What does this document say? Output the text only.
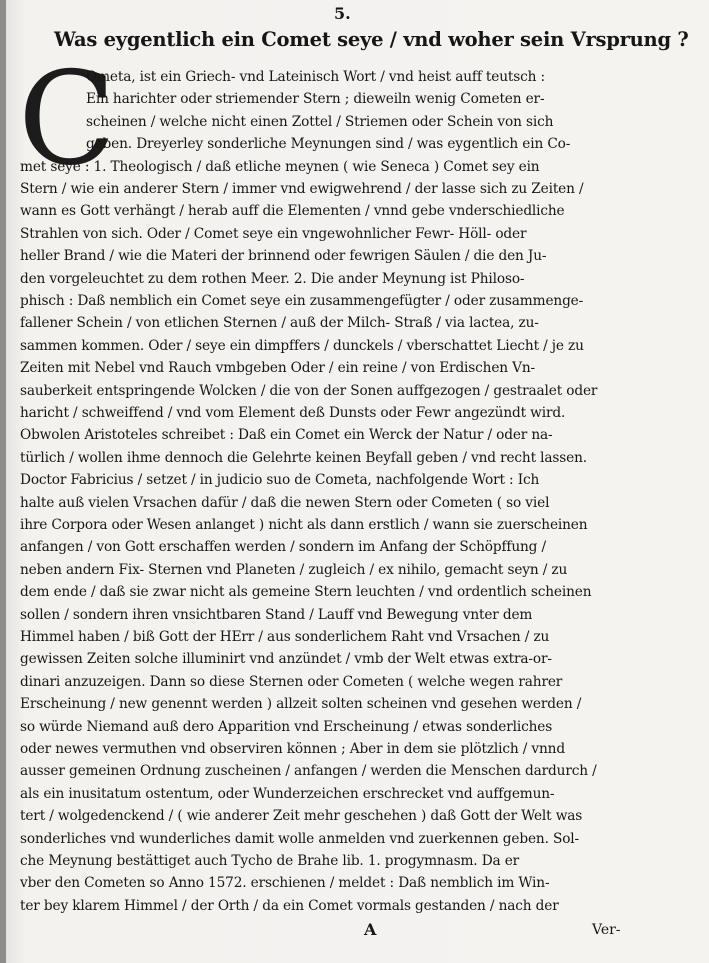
5.
Was eygentlich ein Comet seye / vnd woher sein Vrsprung ?
C
Ometa, ist ein Griech- vnd Lateinisch Wort / vnd heist auff teutsch :
Ein harichter oder striemender Stern ; dieweiln wenig Cometen er-
scheinen / welche nicht einen Zottel / Striemen oder Schein von sich
geben. Dreyerley sonderliche Meynungen sind / was eygentlich ein Co-
met seye : 1. Theologisch / daß etliche meynen ( wie Seneca ) Comet sey ein
Stern / wie ein anderer Stern / immer vnd ewigwehrend / der lasse sich zu Zeiten /
wann es Gott verhängt / herab auff die Elementen / vnnd gebe vnderschiedliche
Strahlen von sich. Oder / Comet seye ein vngewohnlicher Fewr- Höll- oder
heller Brand / wie die Materi der brinnend oder fewrigen Säulen / die den Ju-
den vorgeleuchtet zu dem rothen Meer. 2. Die ander Meynung ist Philoso-
phisch : Daß nemblich ein Comet seye ein zusammengefügter / oder zusammenge-
fallener Schein / von etlichen Sternen / auß der Milch- Straß / via lactea, zu-
sammen kommen. Oder / seye ein dimpffers / dunckels / vberschattet Liecht / je zu
Zeiten mit Nebel vnd Rauch vmbgeben Oder / ein reine / von Erdischen Vn-
sauberkeit entspringende Wolcken / die von der Sonen auffgezogen / gestraalet oder
haricht / schweiffend / vnd vom Element deß Dunsts oder Fewr angezündt wird.
Obwolen Aristoteles schreibet : Daß ein Comet ein Werck der Natur / oder na-
türlich / wollen ihme dennoch die Gelehrte keinen Beyfall geben / vnd recht lassen.
Doctor Fabricius / setzet / in judicio suo de Cometa, nachfolgende Wort : Ich
halte auß vielen Vrsachen dafür / daß die newen Stern oder Cometen ( so viel
ihre Corpora oder Wesen anlanget ) nicht als dann erstlich / wann sie zuerscheinen
anfangen / von Gott erschaffen werden / sondern im Anfang der Schöpffung /
neben andern Fix- Sternen vnd Planeten / zugleich / ex nihilo, gemacht seyn / zu
dem ende / daß sie zwar nicht als gemeine Stern leuchten / vnd ordentlich scheinen
sollen / sondern ihren vnsichtbaren Stand / Lauff vnd Bewegung vnter dem
Himmel haben / biß Gott der HErr / aus sonderlichem Raht vnd Vrsachen / zu
gewissen Zeiten solche illuminirt vnd anzündet / vmb der Welt etwas extra-or-
dinari anzuzeigen. Dann so diese Sternen oder Cometen ( welche wegen rahrer
Erscheinung / new genennt werden ) allzeit solten scheinen vnd gesehen werden /
so würde Niemand auß dero Apparition vnd Erscheinung / etwas sonderliches
oder newes vermuthen vnd observiren können ; Aber in dem sie plötzlich / vnnd
ausser gemeinen Ordnung zuscheinen / anfangen / werden die Menschen dardurch /
als ein inusitatum ostentum, oder Wunderzeichen erschrecket vnd auffgemun-
tert / wolgedenckend / ( wie anderer Zeit mehr geschehen ) daß Gott der Welt was
sonderliches vnd wunderliches damit wolle anmelden vnd zuerkennen geben. Sol-
che Meynung bestättiget auch Tycho de Brahe lib. 1. progymnasm. Da er
vber den Cometen so Anno 1572. erschienen / meldet : Daß nemblich im Win-
ter bey klarem Himmel / der Orth / da ein Comet vormals gestanden / nach der
A	Ver-
